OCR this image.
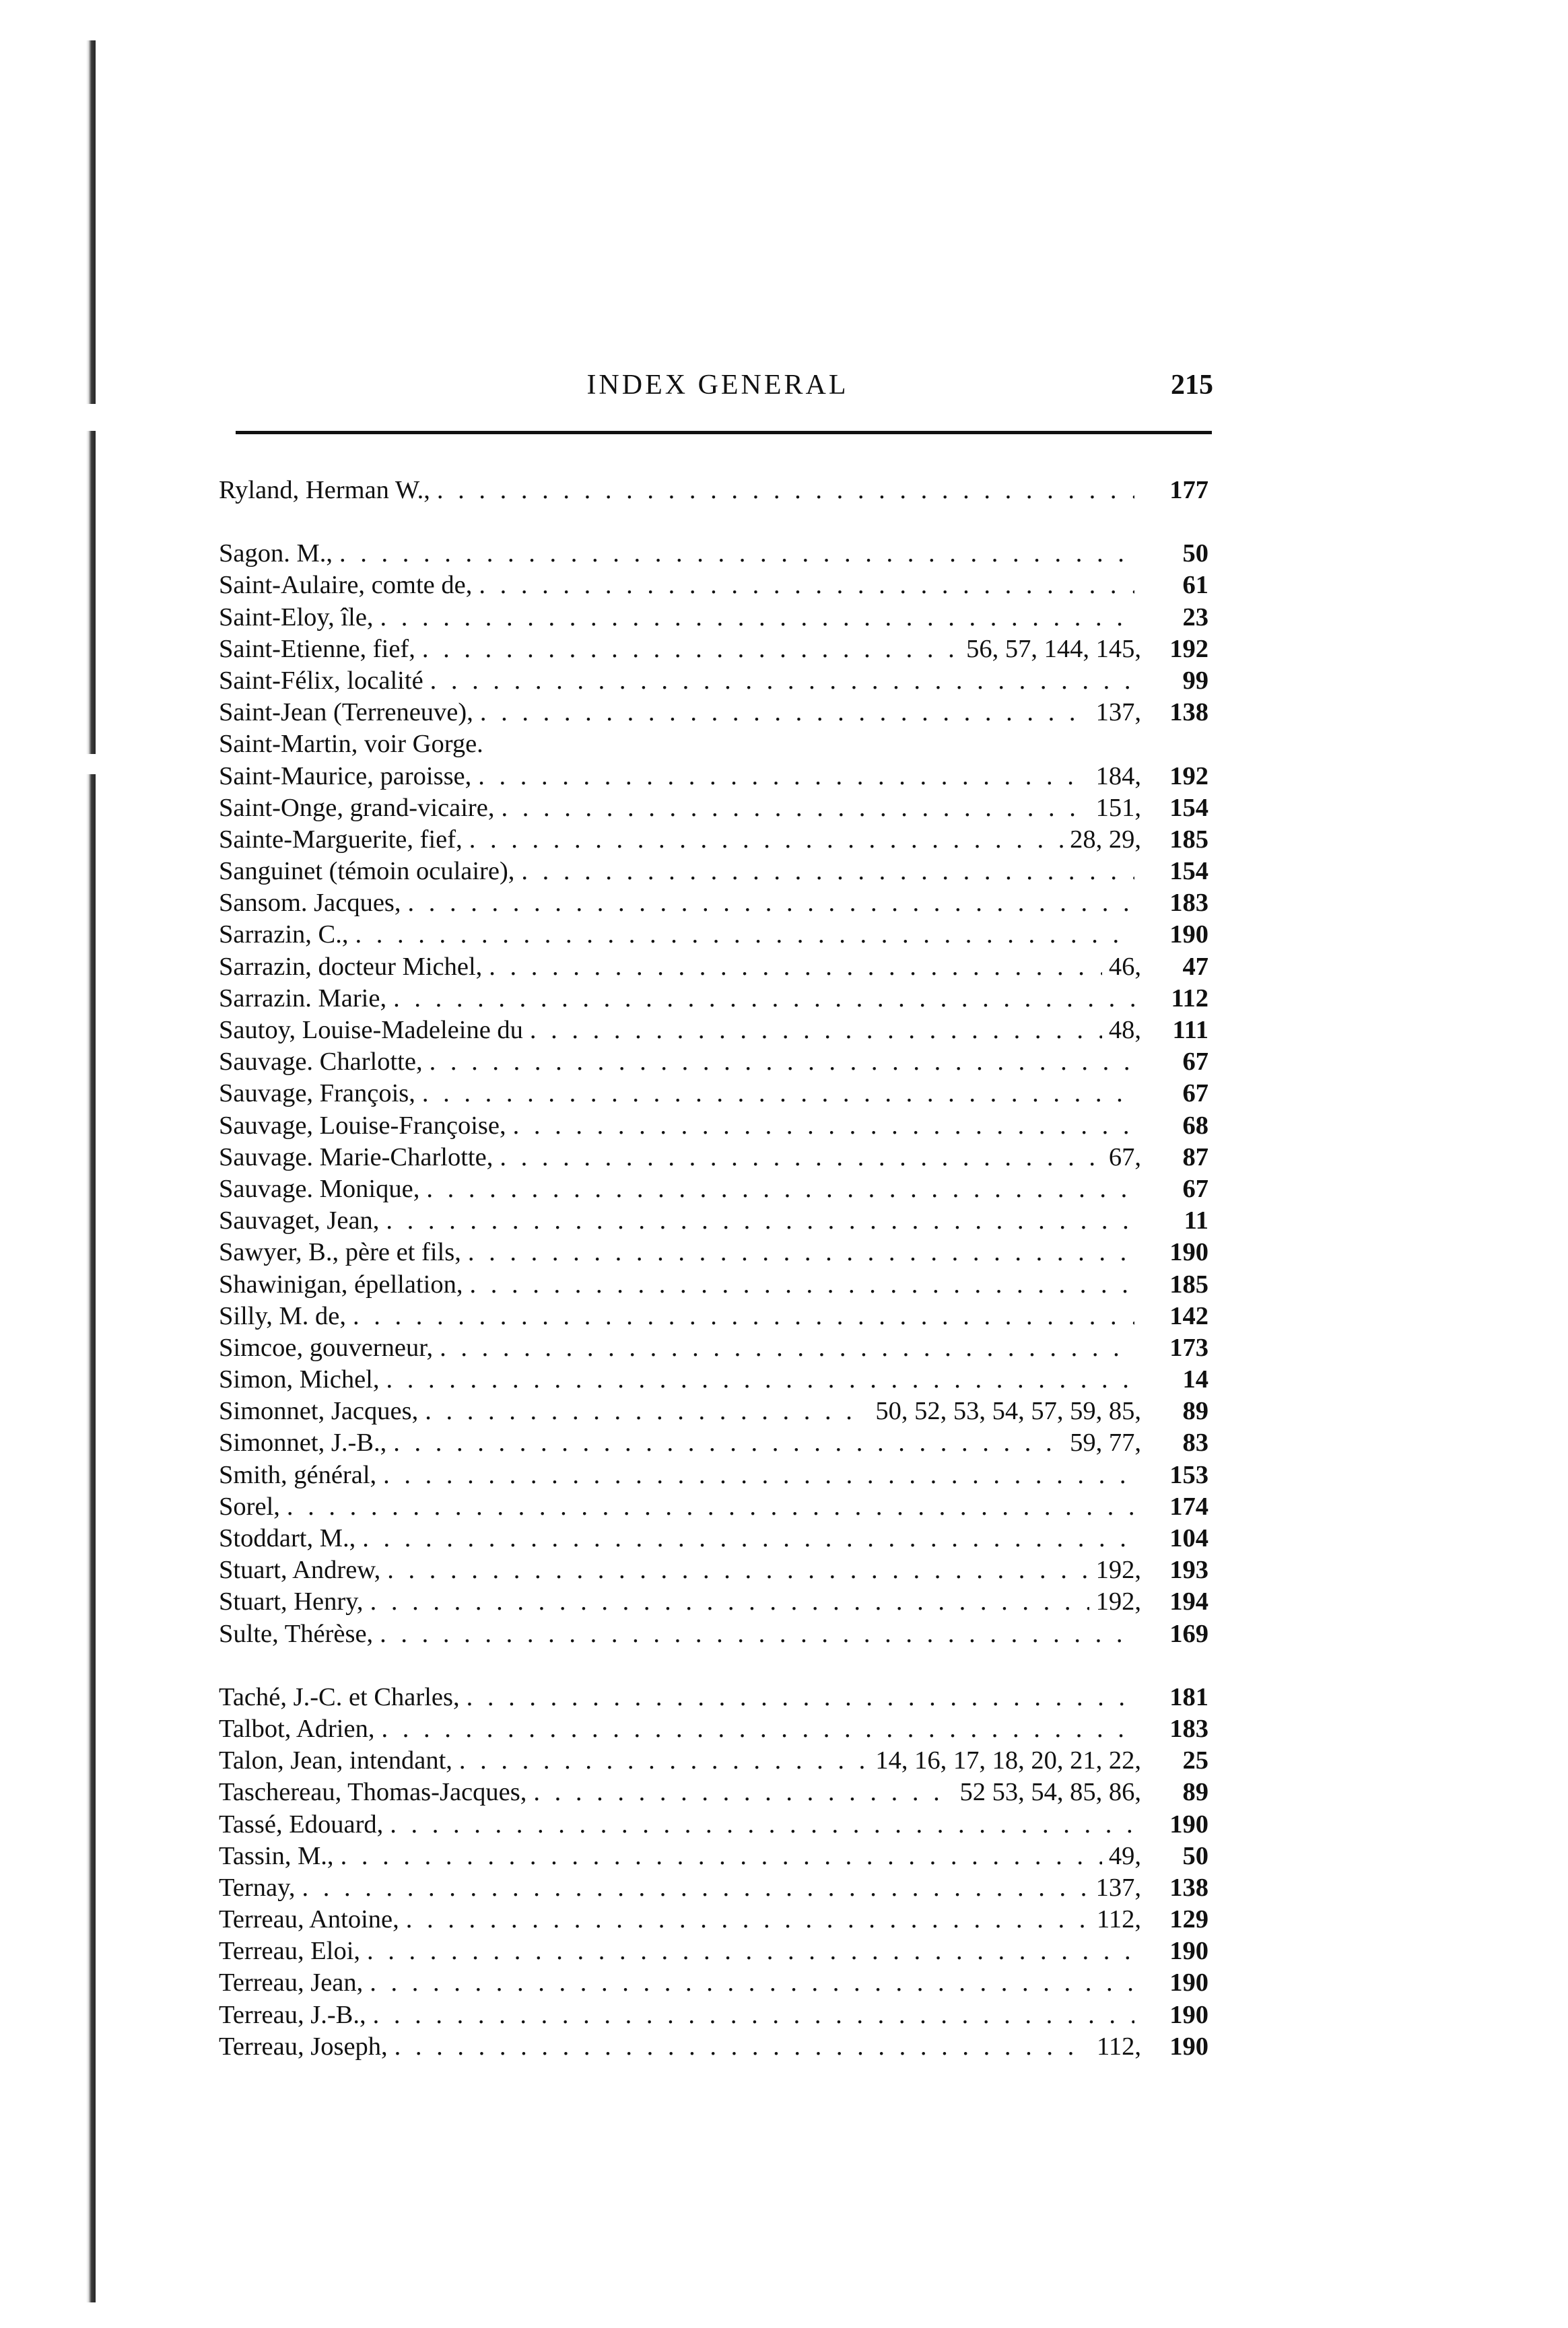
INDEX GENERAL	215
Ryland, Herman W., . . .	177
Sagon. M., . . .	50
Saint-Aulaire, comte de, . . .	61
Saint-Eloy, île, . . .	23
Saint-Etienne, fief, . . .	56, 57, 144, 145,	192
Saint-Félix, localité . . .	99
Saint-Jean (Terreneuve), . . .	137,	138
Saint-Martin, voir Gorge.
Saint-Maurice, paroisse, . . .	184,	192
Saint-Onge, grand-vicaire, . . .	151,	154
Sainte-Marguerite, fief, . . .	28, 29,	185
Sanguinet (témoin oculaire), . . .	154
Sansom. Jacques, . . .	183
Sarrazin, C., . . .	190
Sarrazin, docteur Michel, . . .	46,	47
Sarrazin. Marie, . . .	112
Sautoy, Louise-Madeleine du . . .	48,	111
Sauvage. Charlotte, . . .	67
Sauvage, François, . . .	67
Sauvage, Louise-Françoise, . . .	68
Sauvage. Marie-Charlotte, . . .	67,	87
Sauvage. Monique, . . .	67
Sauvaget, Jean, . . .	11
Sawyer, B., père et fils, . . .	190
Shawinigan, épellation, . . .	185
Silly, M. de, . . .	142
Simcoe, gouverneur, . . .	173
Simon, Michel, . . .	14
Simonnet, Jacques, . . .	50, 52, 53, 54, 57, 59, 85,	89
Simonnet, J.-B., . . .	59, 77,	83
Smith, général, . . .	153
Sorel, . . .	174
Stoddart, M., . . .	104
Stuart, Andrew, . . .	192,	193
Stuart, Henry, . . .	192,	194
Sulte, Thérèse, . . .	169
Taché, J.-C. et Charles, . . .	181
Talbot, Adrien, . . .	183
Talon, Jean, intendant, . . .	14, 16, 17, 18, 20, 21, 22,	25
Taschereau, Thomas-Jacques, . . .	52 53, 54, 85, 86,	89
Tassé, Edouard, . . .	190
Tassin, M., . . .	49,	50
Ternay, . . .	137,	138
Terreau, Antoine, . . .	112,	129
Terreau, Eloi, . . .	190
Terreau, Jean, . . .	190
Terreau, J.-B., . . .	190
Terreau, Joseph, . . .	112,	190
